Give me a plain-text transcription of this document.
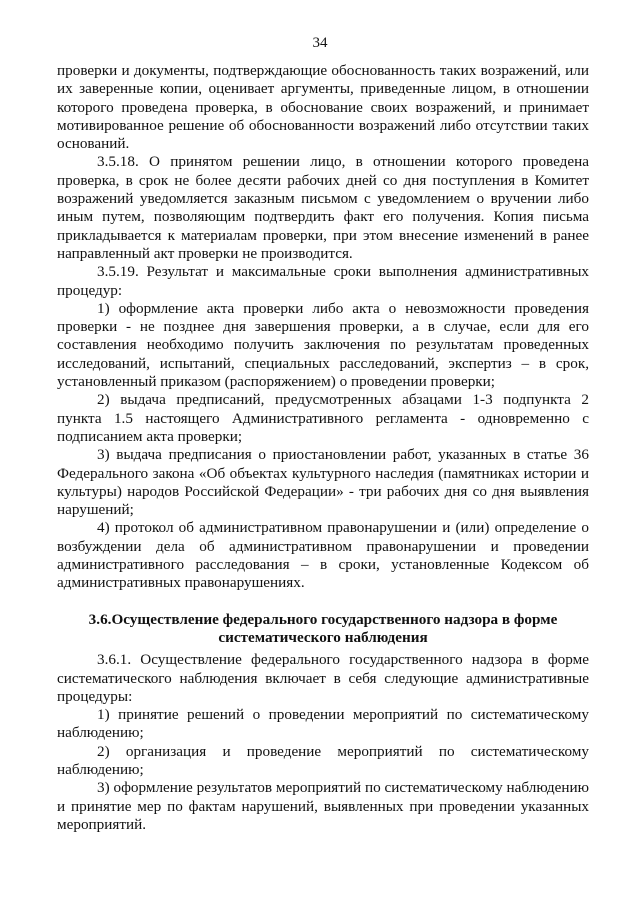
34

проверки и документы, подтверждающие обоснованность таких возражений, или их заверенные копии, оценивает аргументы, приведенные лицом, в отношении которого проведена проверка, в обоснование своих возражений, и принимает мотивированное решение об обоснованности возражений либо отсутствии таких оснований.

3.5.18. О принятом решении лицо, в отношении которого проведена проверка, в срок не более десяти рабочих дней со дня поступления в Комитет возражений уведомляется заказным письмом с уведомлением о вручении либо иным путем, позволяющим подтвердить факт его получения. Копия письма прикладывается к материалам проверки, при этом внесение изменений в ранее направленный акт проверки не производится.

3.5.19. Результат и максимальные сроки выполнения административных процедур:

1) оформление акта проверки либо акта о невозможности проведения проверки - не позднее дня завершения проверки, а в случае, если для его составления необходимо получить заключения по результатам проведенных исследований, испытаний, специальных расследований, экспертиз – в срок, установленный приказом (распоряжением) о проведении проверки;

2) выдача предписаний, предусмотренных абзацами 1-3 подпункта 2 пункта 1.5 настоящего Административного регламента - одновременно с подписанием акта проверки;

3) выдача предписания о приостановлении работ, указанных в статье 36 Федерального закона «Об объектах культурного наследия (памятниках истории и культуры) народов Российской Федерации» - три рабочих дня со дня выявления нарушений;

4) протокол об административном правонарушении и (или) определение о возбуждении дела об административном правонарушении и проведении административного расследования – в сроки, установленные Кодексом об административных правонарушениях.

3.6.Осуществление федерального государственного надзора в форме
систематического наблюдения

3.6.1. Осуществление федерального государственного надзора в форме систематического наблюдения включает в себя следующие административные процедуры:

1) принятие решений о проведении мероприятий по систематическому наблюдению;

2) организация и проведение мероприятий по систематическому наблюдению;

3) оформление результатов мероприятий по систематическому наблюдению и принятие мер по фактам нарушений, выявленных при проведении указанных мероприятий.
